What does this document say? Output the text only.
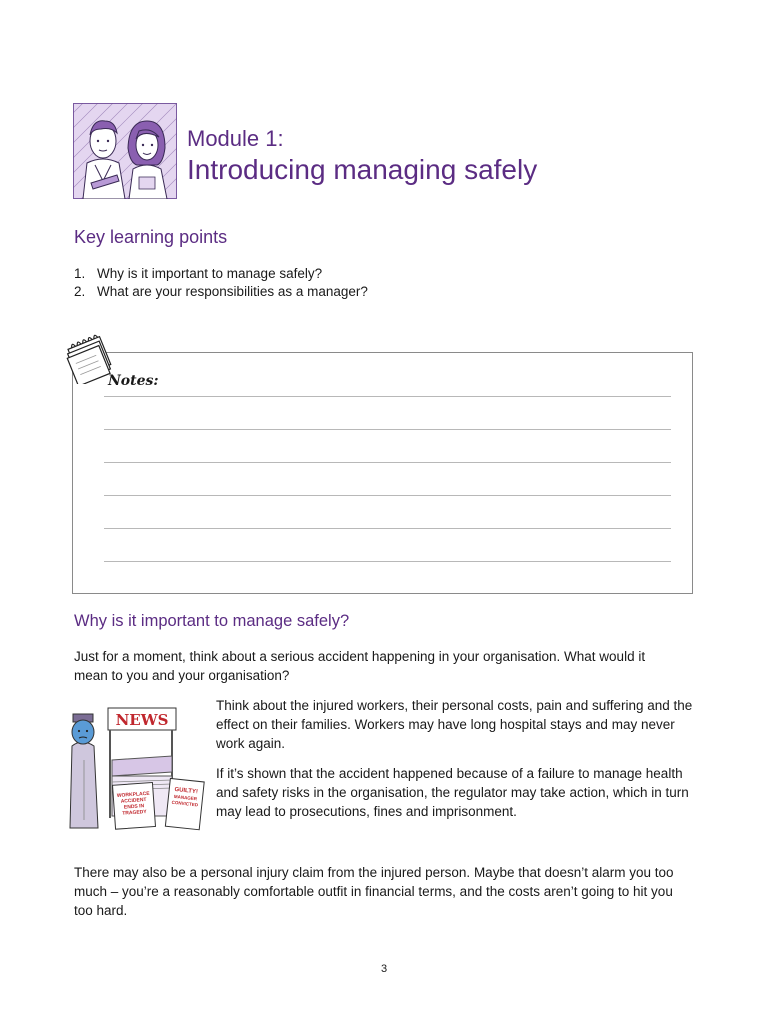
Module 1:
Introducing managing safely
Key learning points
1. Why is it important to manage safely?
2. What are your responsibilities as a manager?
Notes:
Why is it important to manage safely?
Just for a moment, think about a serious accident happening in your organisation. What would it mean to you and your organisation?
NEWS
WORKPLACE
ACCIDENT
ENDS IN
TRAGEDY
GUILTY!
MANAGER
CONVICTED
Think about the injured workers, their personal costs, pain and suffering and the effect on their families. Workers may have long hospital stays and may never work again.
If it’s shown that the accident happened because of a failure to manage health and safety risks in the organisation, the regulator may take action, which in turn may lead to prosecutions, fines and imprisonment.
There may also be a personal injury claim from the injured person. Maybe that doesn’t alarm you too much – you’re a reasonably comfortable outfit in financial terms, and the costs aren’t going to hit you too hard.
3
